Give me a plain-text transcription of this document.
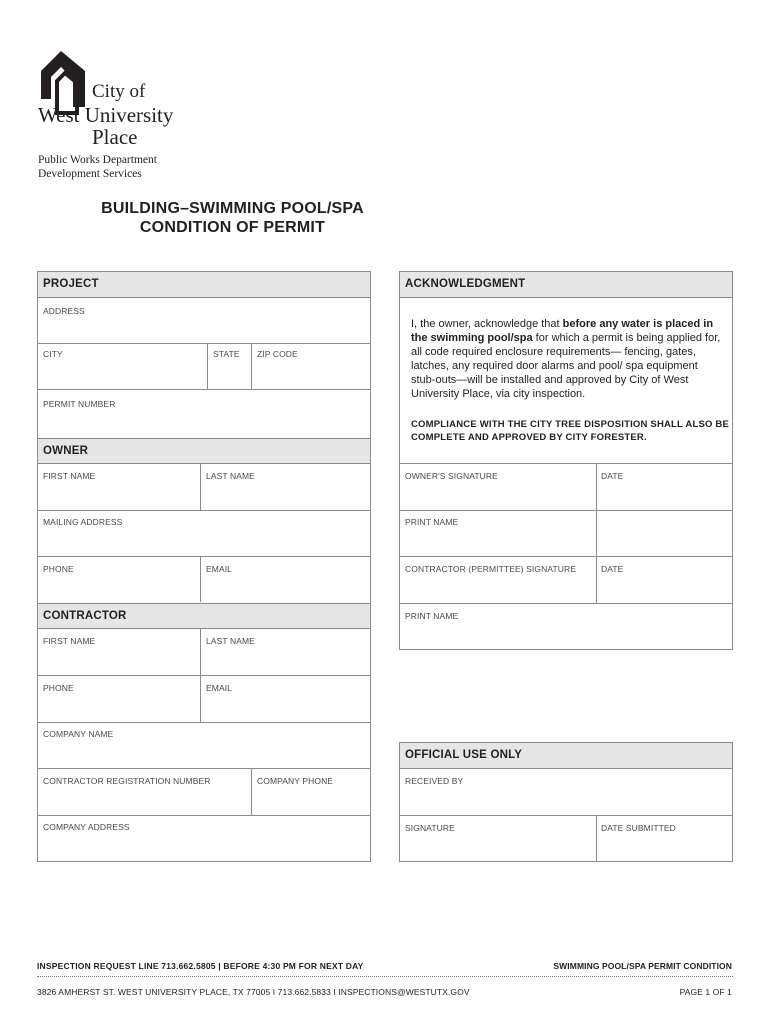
City of
West University
Place
Public Works Department
Development Services
BUILDING–SWIMMING POOL/SPA
CONDITION OF PERMIT
PROJECT
ADDRESS
CITY	STATE ZIP CODE
PERMIT NUMBER
OWNER
FIRST NAME	LAST NAME
MAILING ADDRESS
PHONE	EMAIL
CONTRACTOR
FIRST NAME	LAST NAME
PHONE	EMAIL
COMPANY NAME
CONTRACTOR REGISTRATION NUMBER	COMPANY PHONE
COMPANY ADDRESS
ACKNOWLEDGMENT
I, the owner, acknowledge that before any water is placed in the swimming pool/spa for which a permit is being applied for, all code required enclosure requirements— fencing, gates, latches, any required door alarms and pool/ spa equipment stub-outs—will be installed and approved by City of West University Place, via city inspection.
COMPLIANCE WITH THE CITY TREE DISPOSITION SHALL ALSO BE COMPLETE AND APPROVED BY CITY FORESTER.
OWNER'S SIGNATURE	DATE
PRINT NAME
CONTRACTOR (PERMITTEE) SIGNATURE	DATE
PRINT NAME
OFFICIAL USE ONLY
RECEIVED BY
SIGNATURE	DATE SUBMITTED
INSPECTION REQUEST LINE 713.662.5805 | BEFORE 4:30 PM FOR NEXT DAY	SWIMMING POOL/SPA PERMIT CONDITION
3826 AMHERST ST. WEST UNIVERSITY PLACE, TX 77005 I 713.662.5833 I INSPECTIONS@WESTUTX.GOV	PAGE 1 OF 1
